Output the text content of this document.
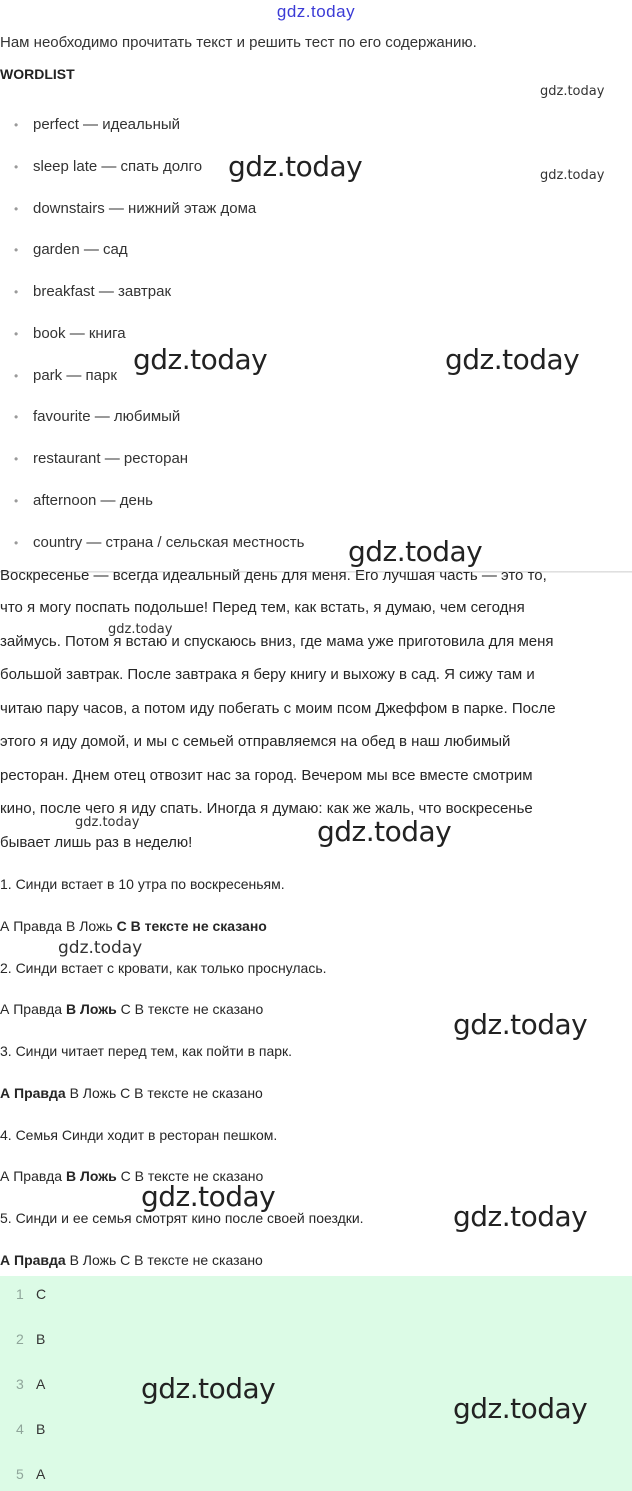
gdz.today
Нам необходимо прочитать текст и решить тест по его содержанию.
WORDLIST
• perfect — идеальный
• sleep late — спать долго
• downstairs — нижний этаж дома
• garden — сад
• breakfast — завтрак
• book — книга
• park — парк
• favourite — любимый
• restaurant — ресторан
• afternoon — день
• country — страна / сельская местность
Воскресенье — всегда идеальный день для меня. Его лучшая часть — это то,
что я могу поспать подольше! Перед тем, как встать, я думаю, чем сегодня
займусь. Потом я встаю и спускаюсь вниз, где мама уже приготовила для меня
большой завтрак. После завтрака я беру книгу и выхожу в сад. Я сижу там и
читаю пару часов, а потом иду побегать с моим псом Джеффом в парке. После
этого я иду домой, и мы с семьей отправляемся на обед в наш любимый
ресторан. Днем отец отвозит нас за город. Вечером мы все вместе смотрим
кино, после чего я иду спать. Иногда я думаю: как же жаль, что воскресенье
бывает лишь раз в неделю!
1. Синди встает в 10 утра по воскресеньям.
А Правда В Ложь С В тексте не сказано
2. Синди встает с кровати, как только проснулась.
А Правда В Ложь С В тексте не сказано
3. Синди читает перед тем, как пойти в парк.
А Правда В Ложь С В тексте не сказано
4. Семья Синди ходит в ресторан пешком.
А Правда В Ложь С В тексте не сказано
5. Синди и ее семья смотрят кино после своей поездки.
А Правда В Ложь С В тексте не сказано
1 С
2 В
3 А
4 В
5 А
gdz.today
gdz.today
gdz.today
gdz.today	gdz.today
gdz.today
gdz.today
gdz.today	gdz.today
gdz.today
gdz.today
gdz.today
gdz.today
gdz.today
gdz.today
